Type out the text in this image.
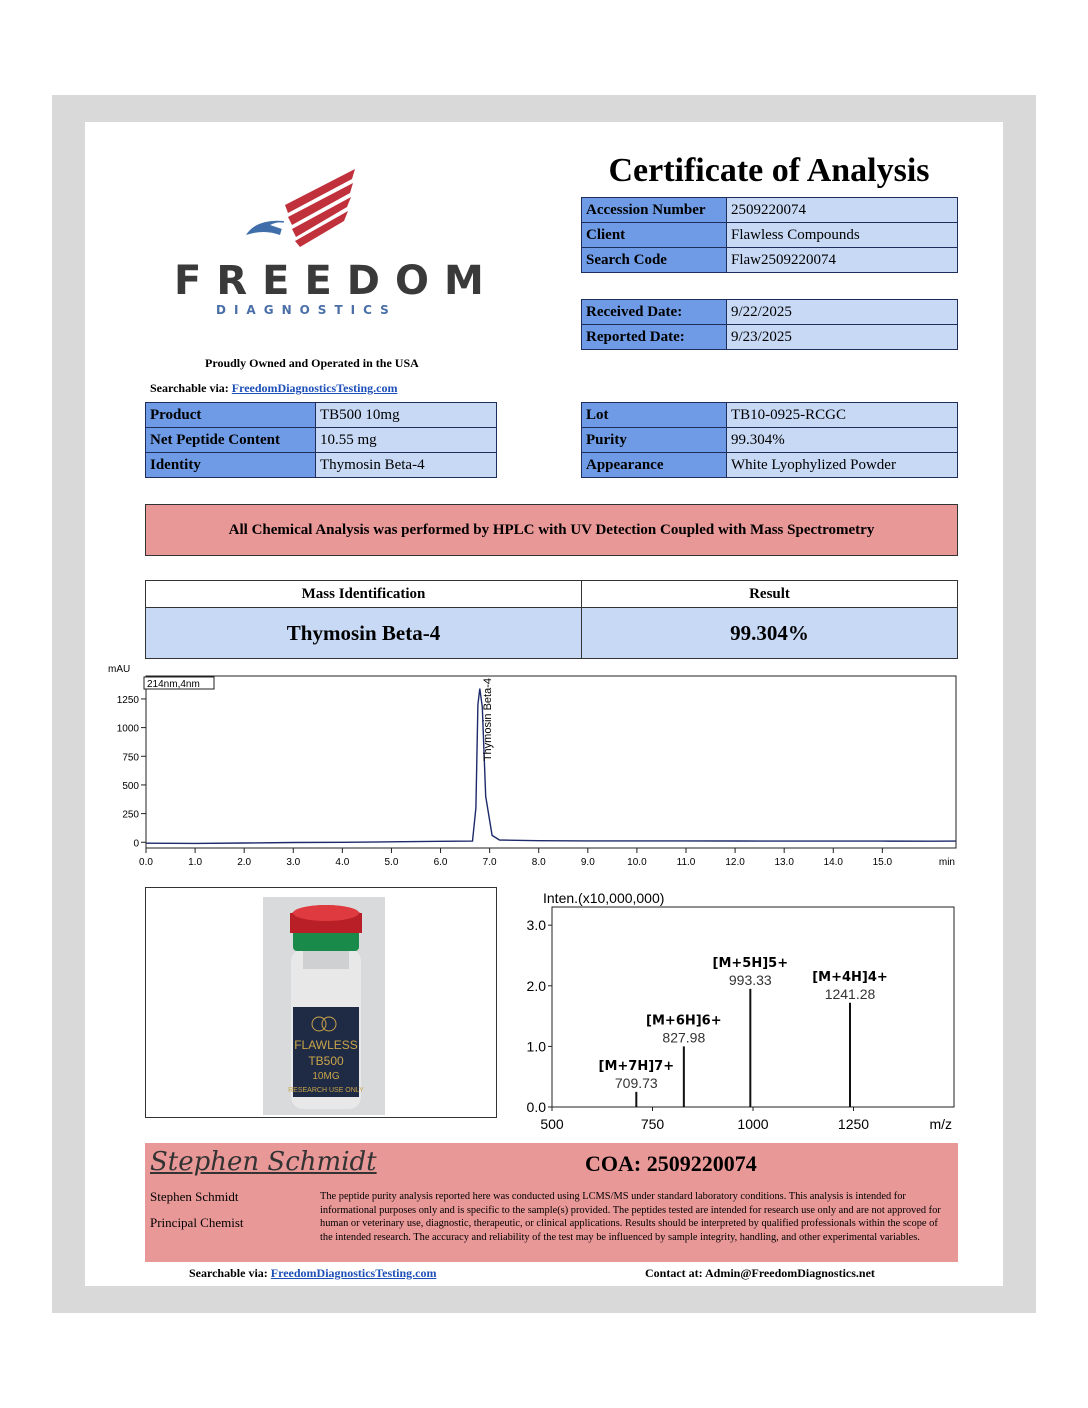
FREEDOM
DIAGNOSTICS
Proudly Owned and Operated in the USA
Searchable via: FreedomDiagnosticsTesting.com
Certificate of Analysis
Accession Number	2509220074
Client	Flawless Compounds
Search Code	Flaw2509220074
Received Date:	9/22/2025
Reported Date:	9/23/2025
Product	TB500 10mg
Net Peptide Content	10.55 mg
Identity	Thymosin Beta-4
Lot	TB10-0925-RCGC
Purity	99.304%
Appearance	White Lyophylized Powder
All Chemical Analysis was performed by HPLC with UV Detection Coupled with Mass Spectrometry
Mass Identification	Result
Thymosin Beta-4	99.304%
mAU
214nm,4nm
1250
1000
750
500
250
0
0.0	1.0	2.0	3.0	4.0	5.0	6.0	7.0	8.0	9.0	10.0	11.0	12.0	13.0	14.0	15.0	min
Thymosin Beta-4
FLAWLESS
TB500
10MG
RESEARCH USE ONLY
Inten.(x10,000,000)
3.0
2.0
1.0
0.0
500	750	1000	1250	m/z
709.73
[M+7H]7+
827.98
[M+6H]6+
993.33
[M+5H]5+
1241.28
[M+4H]4+
Stephen Schmidt	COA: 2509220074
Stephen Schmidt
Principal Chemist
The peptide purity analysis reported here was conducted using LCMS/MS under standard laboratory conditions. This analysis is intended for informational purposes only and is specific to the sample(s) provided. The peptides tested are intended for research use only and are not approved for human or veterinary use, diagnostic, therapeutic, or clinical applications. Results should be interpreted by qualified professionals within the scope of the intended research. The accuracy and reliability of the test may be influenced by sample integrity, handling, and other experimental variables.
Searchable via: FreedomDiagnosticsTesting.com	Contact at: Admin@FreedomDiagnostics.net
